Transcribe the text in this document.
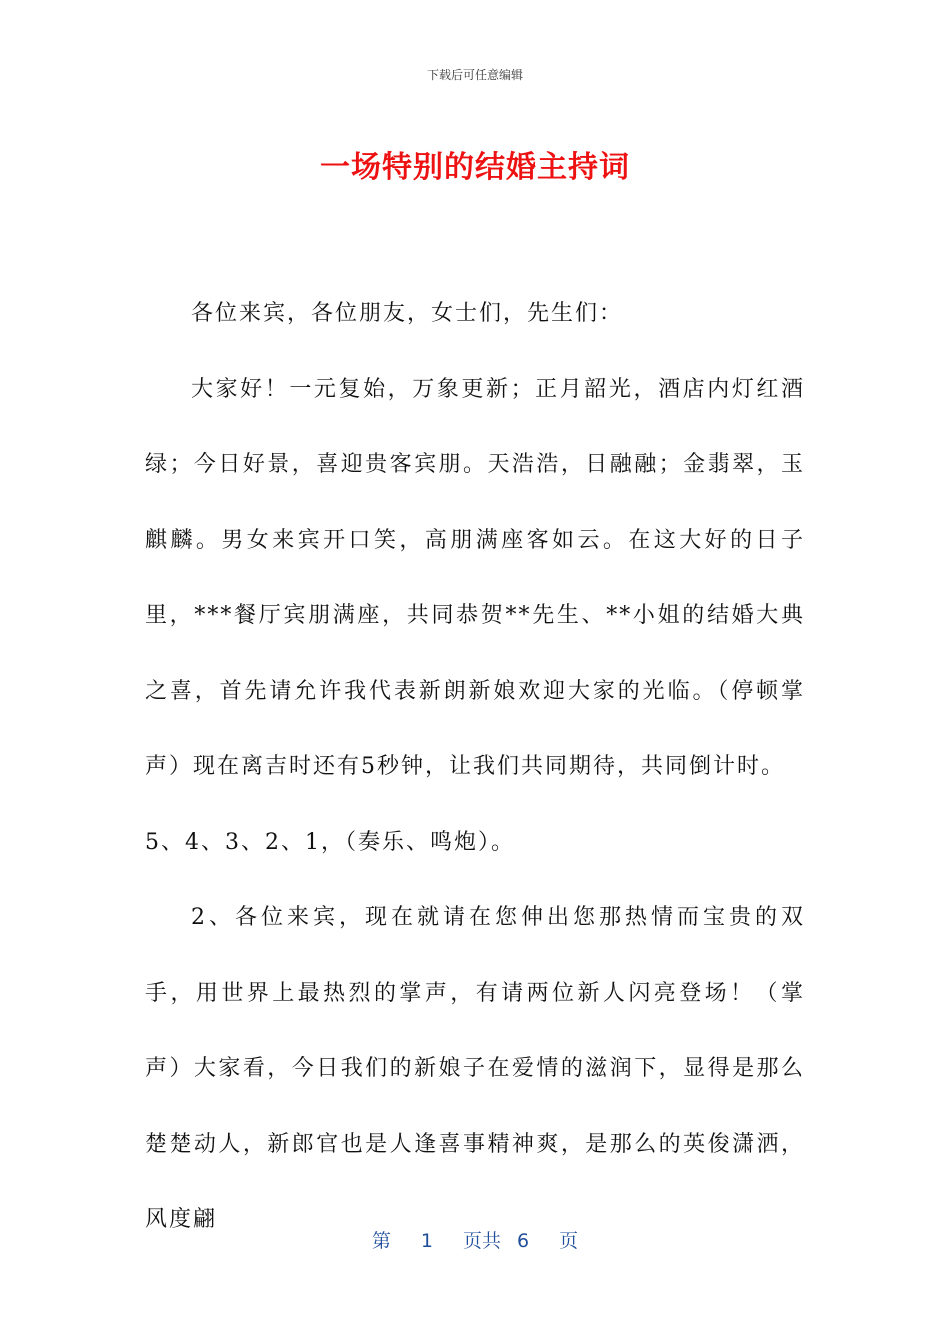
下载后可任意编辑
一场特别的结婚主持词

各位来宾，各位朋友，女士们，先生们：

大家好！一元复始，万象更新；正月韶光，酒店内灯红酒绿；今日好景，喜迎贵客宾朋。天浩浩，日融融；金翡翠，玉麒麟。男女来宾开口笑，高朋满座客如云。在这大好的日子里，***餐厅宾朋满座，共同恭贺**先生、**小姐的结婚大典之喜，首先请允许我代表新朗新娘欢迎大家的光临。（停顿掌声）现在离吉时还有5秒钟，让我们共同期待，共同倒计时。

5、4、3、2、1，（奏乐、鸣炮）。

2、各位来宾，现在就请在您伸出您那热情而宝贵的双手，用世界上最热烈的掌声，有请两位新人闪亮登场！（掌声）大家看，今日我们的新娘子在爱情的滋润下，显得是那么楚楚动人，新郎官也是人逢喜事精神爽，是那么的英俊潇洒，风度翩

第 1 页共 6 页
